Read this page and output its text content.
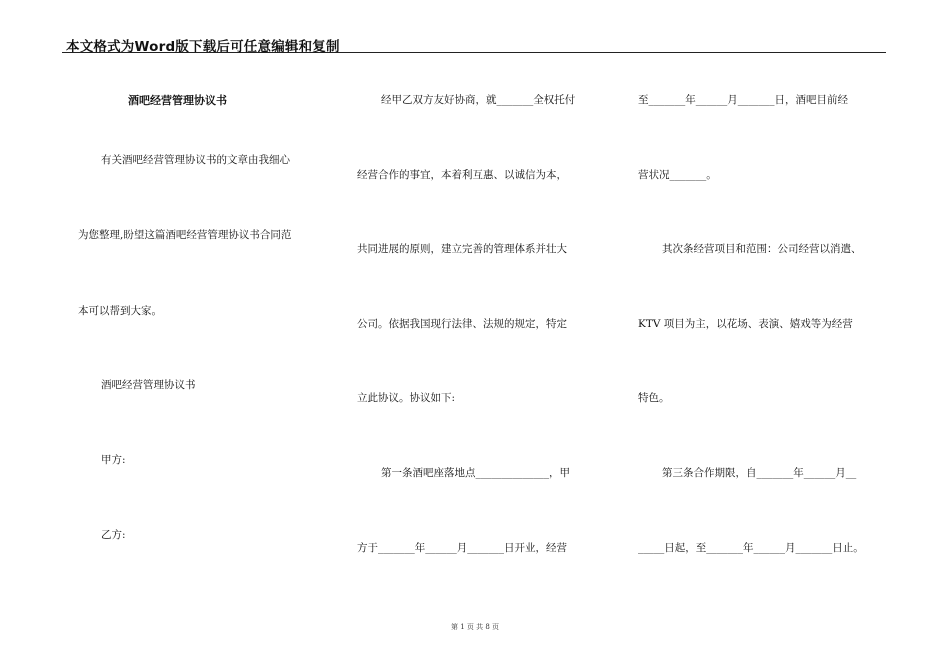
本文格式为Word版下载后可任意编辑和复制
酒吧经营管理协议书
有关酒吧经营管理协议书的文章由我细心
为您整理,盼望这篇酒吧经营管理协议书合同范
本可以帮到大家。
酒吧经营管理协议书
甲方:
乙方:
经甲乙双方友好协商，就_______全权托付
经营合作的事宜，本着利互惠、以诚信为本，
共同进展的原则，建立完善的管理体系并壮大
公司。依据我国现行法律、法规的规定，特定
立此协议。协议如下:
第一条酒吧座落地点______________，甲
方于_______年______月_______日开业，经营
至_______年______月_______日，酒吧目前经
营状况_______。
其次条经营项目和范围：公司经营以消遣、
KTV 项目为主，以花场、表演、嬉戏等为经营
特色。
第三条合作期限，自_______年______月__
_____日起，至_______年______月_______日止。
第 1 页 共 8 页
